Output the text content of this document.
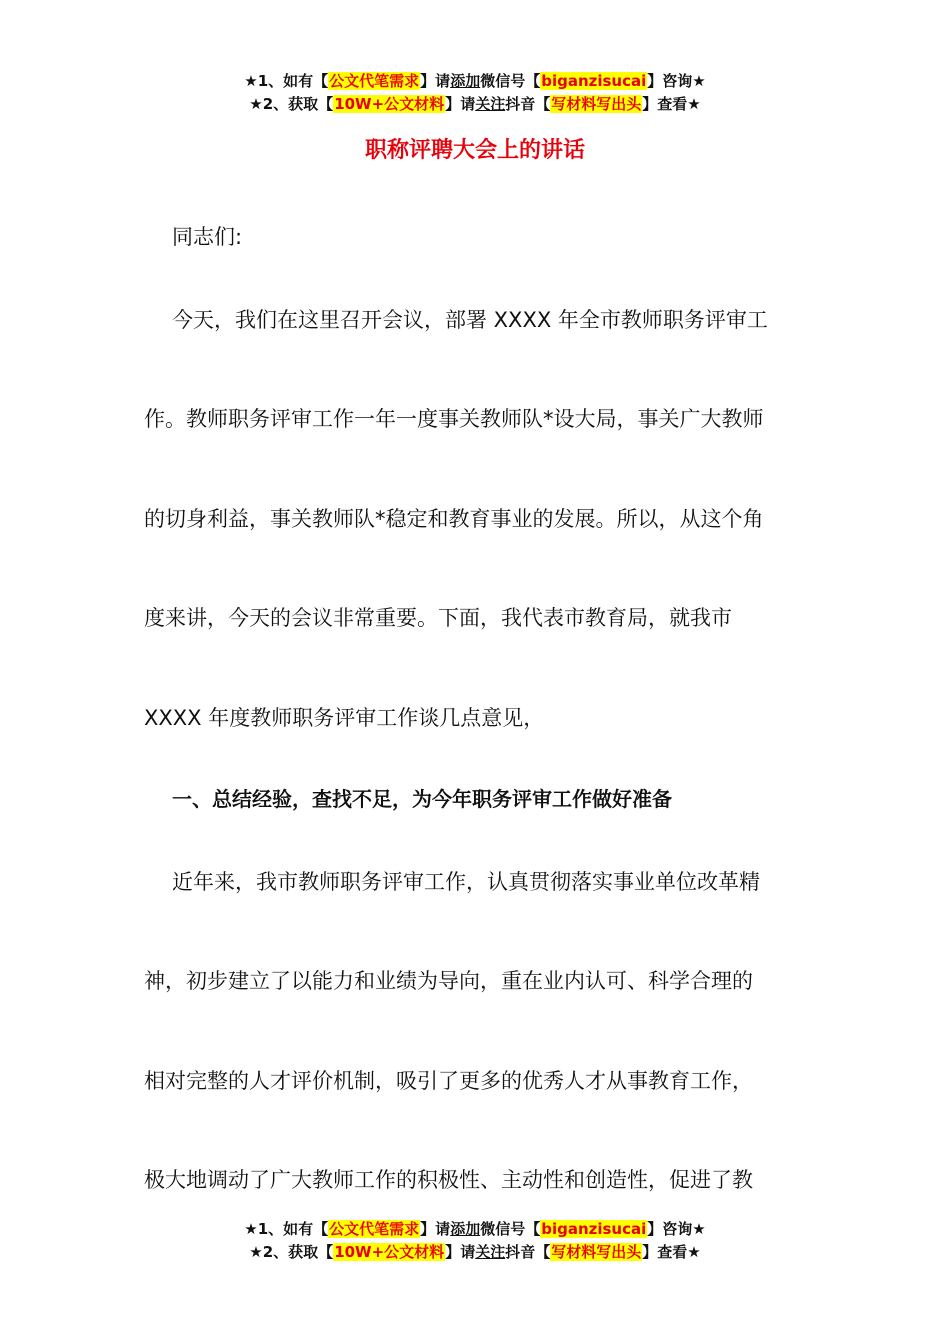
★1、如有【公文代笔需求】请添加微信号【biganzisucai】咨询★
★2、获取【10W+公文材料】请关注抖音【写材料写出头】查看★
职称评聘大会上的讲话
同志们:
今天，我们在这里召开会议，部署 XXXX 年全市教师职务评审工
作。教师职务评审工作一年一度事关教师队*设大局，事关广大教师
的切身利益，事关教师队*稳定和教育事业的发展。所以，从这个角
度来讲，今天的会议非常重要。下面，我代表市教育局，就我市
XXXX 年度教师职务评审工作谈几点意见，
一、总结经验，查找不足，为今年职务评审工作做好准备
近年来，我市教师职务评审工作，认真贯彻落实事业单位改革精
神，初步建立了以能力和业绩为导向，重在业内认可、科学合理的
相对完整的人才评价机制，吸引了更多的优秀人才从事教育工作，
极大地调动了广大教师工作的积极性、主动性和创造性，促进了教
★1、如有【公文代笔需求】请添加微信号【biganzisucai】咨询★
★2、获取【10W+公文材料】请关注抖音【写材料写出头】查看★
